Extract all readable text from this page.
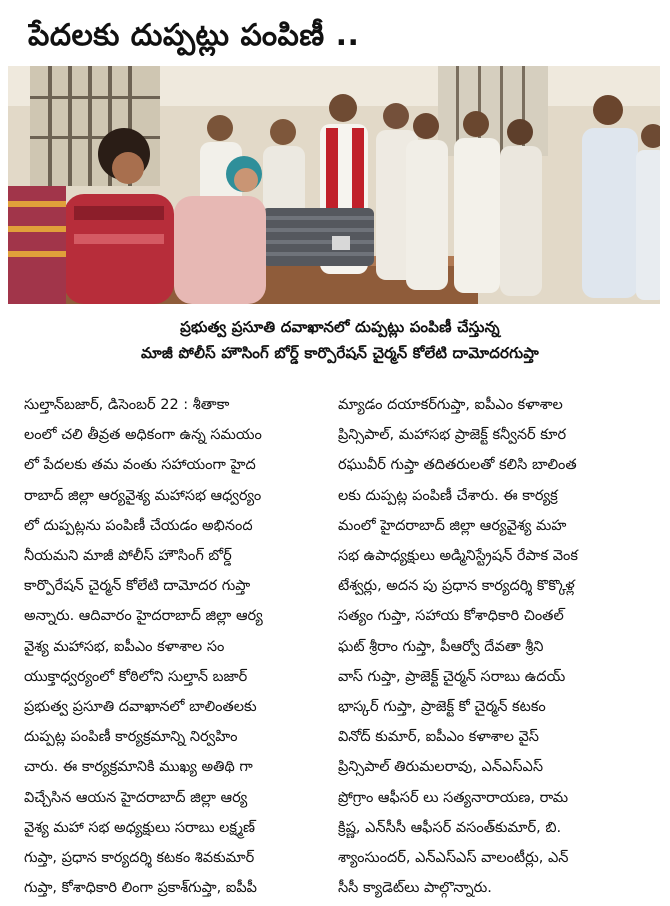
పేదలకు దుప్పట్లు పంపిణీ ..
ప్రభుత్వ ప్రసూతి దవాఖానలో దుప్పట్లు పంపిణీ చేస్తున్న
మాజీ పోలీస్ హౌసింగ్ బోర్డ్ కార్పొరేషన్ చైర్మన్ కోలేటి దామోదరగుప్తా
సుల్తాన్‌బజార్, డిసెంబర్ 22 : శీతాకా
లంలో చలి తీవ్రత అధికంగా ఉన్న సమయం
లో పేదలకు తమ వంతు సహాయంగా హైద
రాబాద్ జిల్లా ఆర్యవైశ్య మహాసభ ఆధ్వర్యం
లో దుప్పట్లను పంపిణీ చేయడం అభినంద
నీయమని మాజీ పోలీస్ హౌసింగ్ బోర్డ్
కార్పొరేషన్ చైర్మన్ కోలేటి దామోదర గుప్తా
అన్నారు. ఆదివారం హైదరాబాద్ జిల్లా ఆర్య
వైశ్య మహాసభ, ఐపీఎం కళాశాల సం
యుక్తాధ్వర్యంలో కోఠిలోని సుల్తాన్ బజార్
ప్రభుత్వ ప్రసూతి దవాఖానలో బాలింతలకు
దుప్పట్ల పంపిణీ కార్యక్రమాన్ని నిర్వహిం
చారు. ఈ కార్యక్రమానికి ముఖ్య అతిథి గా
విచ్చేసిన ఆయన హైదరాబాద్ జిల్లా ఆర్య
వైశ్య మహా సభ అధ్యక్షులు సరాబు లక్ష్మణ్
గుప్తా, ప్రధాన కార్యదర్శి కటకం శివకుమార్
గుప్తా, కోశాధికారి లింగా ప్రకాశ్‌గుప్తా, ఐపీపీ
మ్యాడం దయాకర్‌గుప్తా, ఐపీఎం కళాశాల
ప్రిన్సిపాల్, మహాసభ ప్రాజెక్ట్ కన్వీనర్ కూర
రఘువీర్ గుప్తా తదితరులతో కలిసి బాలింత
లకు దుప్పట్ల పంపిణీ చేశారు. ఈ కార్యక్ర
మంలో హైదరాబాద్ జిల్లా ఆర్యవైశ్య మహ
సభ ఉపాధ్యక్షులు అడ్మినిస్ట్రేషన్ రేపాక వెంక
టేశ్వర్లు, అదన పు ప్రధాన కార్యదర్శి కొక్కొళ్ల
సత్యం గుప్తా, సహాయ కోశాధికారి చింతల్
ఘట్ శ్రీరాం గుప్తా, పీఆర్వో దేవతా శ్రీని
వాస్ గుప్తా, ప్రాజెక్ట్ చైర్మన్ సరాబు ఉదయ్
భాస్కర్ గుప్తా, ప్రాజెక్ట్ కో చైర్మన్ కటకం
వినోద్ కుమార్, ఐపీఎం కళాశాల వైస్
ప్రిన్సిపాల్ తిరుమలరావు, ఎన్ఎస్ఎస్
ప్రోగ్రాం ఆఫీసర్ లు సత్యనారాయణ, రామ
క్రిష్ణ, ఎన్‌సీసీ ఆఫీసర్ వసంత్‌కుమార్, బి.
శ్యాంసుందర్, ఎన్ఎస్ఎస్ వాలంటీర్లు, ఎన్
సీసీ క్యాడెట్‌లు పాల్గొన్నారు.
